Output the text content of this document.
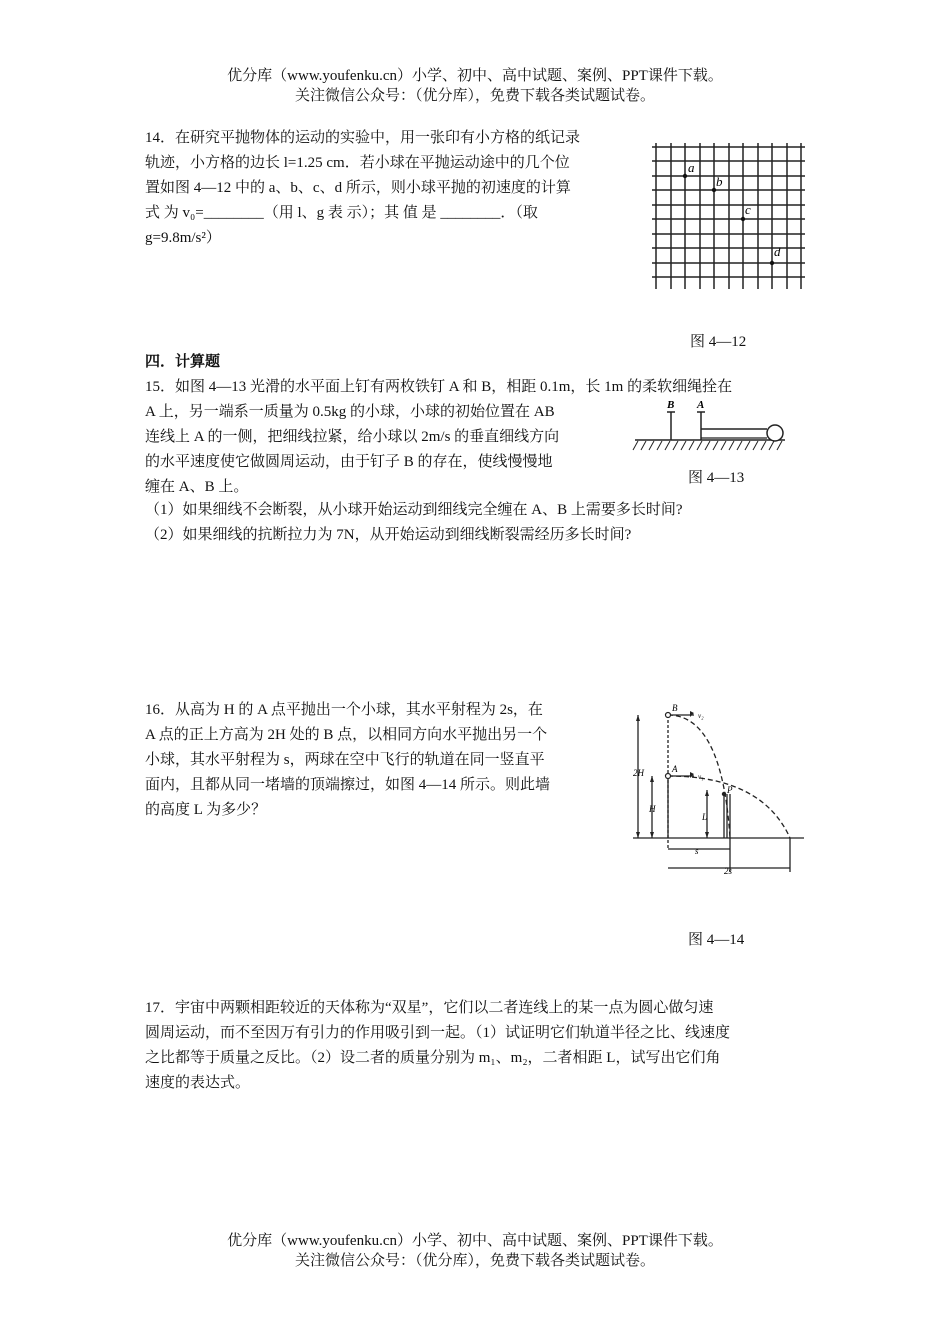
优分库（www.youfenku.cn）小学、初中、高中试题、案例、PPT课件下载。
关注微信公众号：（优分库），免费下载各类试题试卷。
14．在研究平抛物体的运动的实验中，用一张印有小方格的纸记录
轨迹，小方格的边长 l=1.25 cm．若小球在平抛运动途中的几个位
置如图 4—12 中的 a、b、c、d 所示，则小球平抛的初速度的计算
式 为 v₀=________（用 l、g 表 示）；其 值 是 ________．（取
g=9.8m/s²）
a
b
c
d
图 4—12
四．计算题
15．如图 4—13 光滑的水平面上钉有两枚铁钉 A 和 B，相距 0.1m，长 1m 的柔软细绳拴在
A 上，另一端系一质量为 0.5kg 的小球，小球的初始位置在 AB
连线上 A 的一侧，把细线拉紧，给小球以 2m/s 的垂直细线方向
的水平速度使它做圆周运动，由于钉子 B 的存在，使线慢慢地
缠在 A、B 上。
（1）如果细线不会断裂，从小球开始运动到细线完全缠在 A、B 上需要多长时间?
（2）如果细线的抗断拉力为 7N，从开始运动到细线断裂需经历多长时间?
B A
图 4—13
16．从高为 H 的 A 点平抛出一个小球，其水平射程为 2s，在
A 点的正上方高为 2H 处的 B 点，以相同方向水平抛出另一个
小球，其水平射程为 s，两球在空中飞行的轨道在同一竖直平
面内，且都从同一堵墙的顶端擦过，如图 4—14 所示。则此墙
的高度 L 为多少？
B
A
v₂
v₁
P
2H
H
L
s
2s
图 4—14
17．宇宙中两颗相距较近的天体称为“双星”，它们以二者连线上的某一点为圆心做匀速
圆周运动，而不至因万有引力的作用吸引到一起。（1）试证明它们轨道半径之比、线速度
之比都等于质量之反比。（2）设二者的质量分别为 m₁、m₂，二者相距 L，试写出它们角
速度的表达式。
优分库（www.youfenku.cn）小学、初中、高中试题、案例、PPT课件下载。
关注微信公众号：（优分库），免费下载各类试题试卷。
